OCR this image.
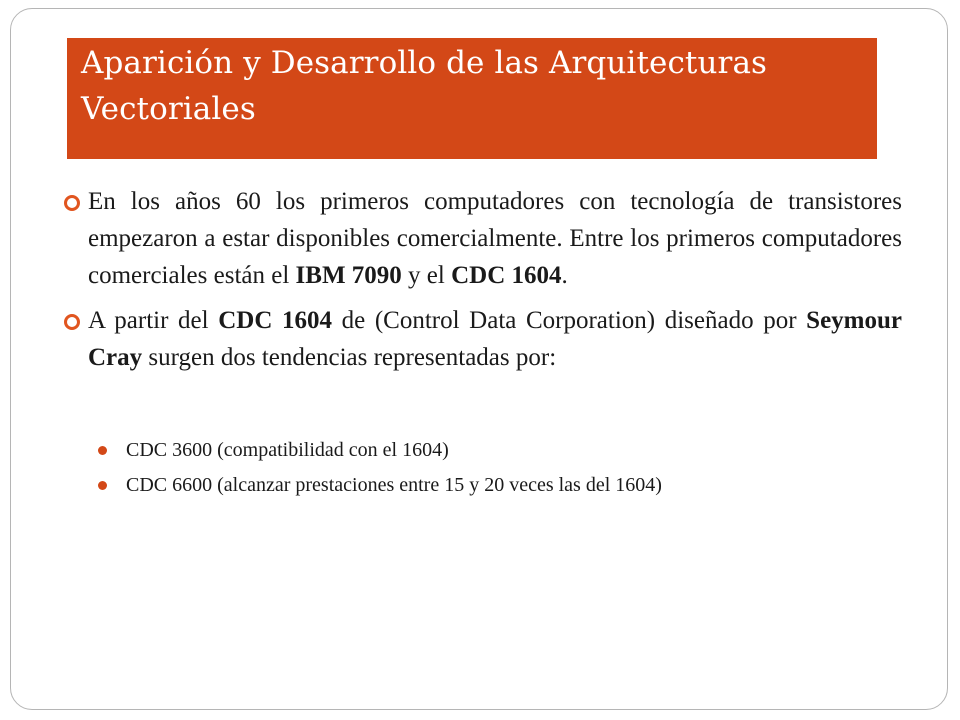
Aparición y Desarrollo de las Arquitecturas
Vectoriales
En los años 60 los primeros computadores con tecnología de transistores empezaron a estar disponibles comercialmente. Entre los primeros computadores comerciales están el IBM 7090 y el CDC 1604.
A partir del CDC 1604 de (Control Data Corporation) diseñado por Seymour Cray surgen dos tendencias representadas por:
CDC 3600 (compatibilidad con el 1604)
CDC 6600 (alcanzar prestaciones entre 15 y 20 veces las del 1604)
